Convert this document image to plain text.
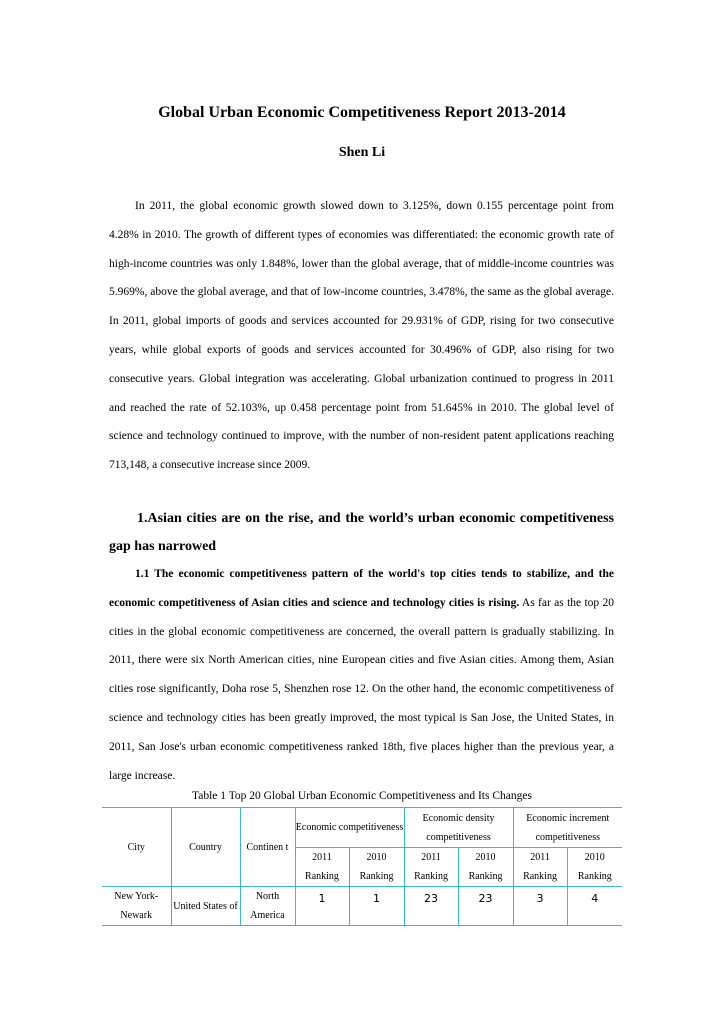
Global Urban Economic Competitiveness Report 2013-2014
Shen Li
In 2011, the global economic growth slowed down to 3.125%, down 0.155 percentage point from 4.28% in 2010. The growth of different types of economies was differentiated: the economic growth rate of high-income countries was only 1.848%, lower than the global average, that of middle-income countries was 5.969%, above the global average, and that of low-income countries, 3.478%, the same as the global average. In 2011, global imports of goods and services accounted for 29.931% of GDP, rising for two consecutive years, while global exports of goods and services accounted for 30.496% of GDP, also rising for two consecutive years. Global integration was accelerating. Global urbanization continued to progress in 2011 and reached the rate of 52.103%, up 0.458 percentage point from 51.645% in 2010. The global level of science and technology continued to improve, with the number of non-resident patent applications reaching 713,148, a consecutive increase since 2009.
1.Asian cities are on the rise, and the world’s urban economic competitiveness gap has narrowed
1.1 The economic competitiveness pattern of the world's top cities tends to stabilize, and the economic competitiveness of Asian cities and science and technology cities is rising. As far as the top 20 cities in the global economic competitiveness are concerned, the overall pattern is gradually stabilizing. In 2011, there were six North American cities, nine European cities and five Asian cities. Among them, Asian cities rose significantly, Doha rose 5, Shenzhen rose 12. On the other hand, the economic competitiveness of science and technology cities has been greatly improved, the most typical is San Jose, the United States, in 2011, San Jose's urban economic competitiveness ranked 18th, five places higher than the previous year, a large increase.
Table 1 Top 20 Global Urban Economic Competitiveness and Its Changes
City	Country	Continen t	Economic competitiveness		Economic density competitiveness		Economic increment competitiveness	
			2011 Ranking	2010 Ranking	2011 Ranking	2010 Ranking	2011 Ranking	2010 Ranking
New York-Newark	United States of	North America	1	1	23	23	3	4
